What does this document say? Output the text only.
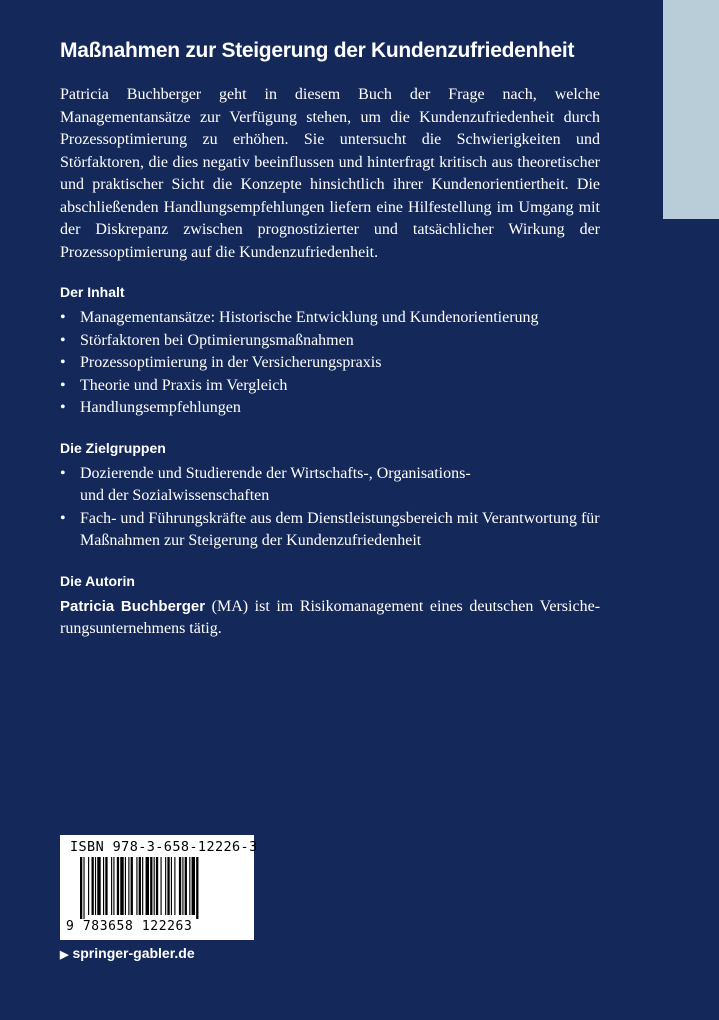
Maßnahmen zur Steigerung der Kundenzufriedenheit

Patricia Buchberger geht in diesem Buch der Frage nach, welche Managementansätze zur Verfügung stehen, um die Kundenzufriedenheit durch Prozessoptimierung zu erhöhen. Sie untersucht die Schwierigkeiten und Störfaktoren, die dies negativ beeinflussen und hinterfragt kritisch aus theoretischer und praktischer Sicht die Konzepte hinsichtlich ihrer Kundenorientiertheit. Die abschließenden Handlungsempfehlungen liefern eine Hilfestellung im Umgang mit der Diskrepanz zwischen prognostizierter und tatsächlicher Wirkung der Prozessoptimierung auf die Kundenzufriedenheit.

Der Inhalt
• Managementansätze: Historische Entwicklung und Kundenorientierung
• Störfaktoren bei Optimierungsmaßnahmen
• Prozessoptimierung in der Versicherungspraxis
• Theorie und Praxis im Vergleich
• Handlungsempfehlungen
Die Zielgruppen
• Dozierende und Studierende der Wirtschafts-, Organisations- und der Sozialwissenschaften
• Fach- und Führungskräfte aus dem Dienstleistungsbereich mit Verantwortung für Maßnahmen zur Steigerung der Kundenzufriedenheit
Die Autorin

Patricia Buchberger (MA) ist im Risikomanagement eines deutschen Versicherungsunternehmens tätig.

ISBN 978-3-658-12226-3
9 783658 122263
▶ springer-gabler.de
